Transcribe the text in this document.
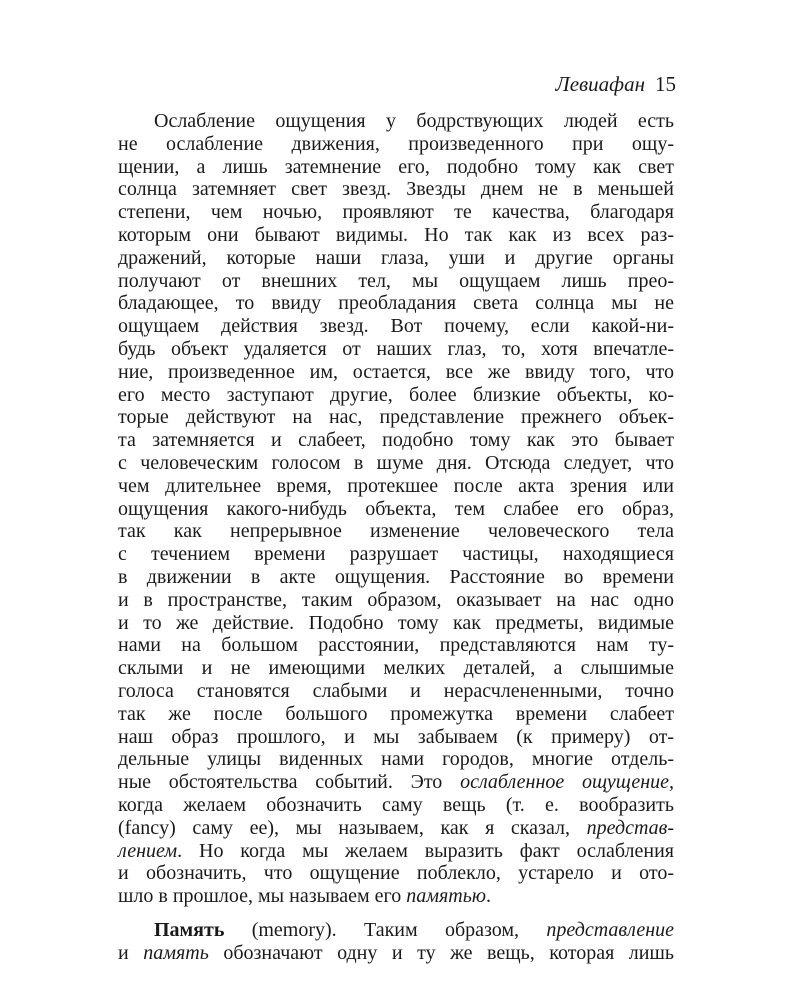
Левиафан 15
Ослабление ощущения у бодрствующих людей есть
не ослабление движения, произведенного при ощу-
щении, а лишь затемнение его, подобно тому как свет
солнца затемняет свет звезд. Звезды днем не в меньшей
степени, чем ночью, проявляют те качества, благодаря
которым они бывают видимы. Но так как из всех раз-
дражений, которые наши глаза, уши и другие органы
получают от внешних тел, мы ощущаем лишь прео-
бладающее, то ввиду преобладания света солнца мы не
ощущаем действия звезд. Вот почему, если какой-ни-
будь объект удаляется от наших глаз, то, хотя впечатле-
ние, произведенное им, остается, все же ввиду того, что
его место заступают другие, более близкие объекты, ко-
торые действуют на нас, представление прежнего объек-
та затемняется и слабеет, подобно тому как это бывает
с человеческим голосом в шуме дня. Отсюда следует, что
чем длительнее время, протекшее после акта зрения или
ощущения какого-нибудь объекта, тем слабее его образ,
так как непрерывное изменение человеческого тела
с течением времени разрушает частицы, находящиеся
в движении в акте ощущения. Расстояние во времени
и в пространстве, таким образом, оказывает на нас одно
и то же действие. Подобно тому как предметы, видимые
нами на большом расстоянии, представляются нам ту-
склыми и не имеющими мелких деталей, а слышимые
голоса становятся слабыми и нерасчлененными, точно
так же после большого промежутка времени слабеет
наш образ прошлого, и мы забываем (к примеру) от-
дельные улицы виденных нами городов, многие отдель-
ные обстоятельства событий. Это ослабленное ощущение,
когда желаем обозначить саму вещь (т. е. вообразить
(fancy) саму ее), мы называем, как я сказал, представ-
лением. Но когда мы желаем выразить факт ослабления
и обозначить, что ощущение поблекло, устарело и ото-
шло в прошлое, мы называем его памятью.
Память (memory). Таким образом, представление
и память обозначают одну и ту же вещь, которая лишь
